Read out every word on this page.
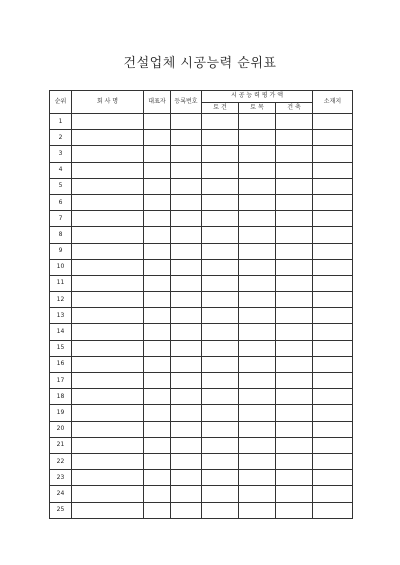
건설업체 시공능력 순위표
순위	회 사 명	대표자	등록번호	시 공 능 력 평 가 액			소재지
				토 건	토 목	건 축	
1							
2							
3							
4							
5							
6							
7							
8							
9							
10							
11							
12							
13							
14							
15							
16							
17							
18							
19							
20							
21							
22							
23							
24							
25							
